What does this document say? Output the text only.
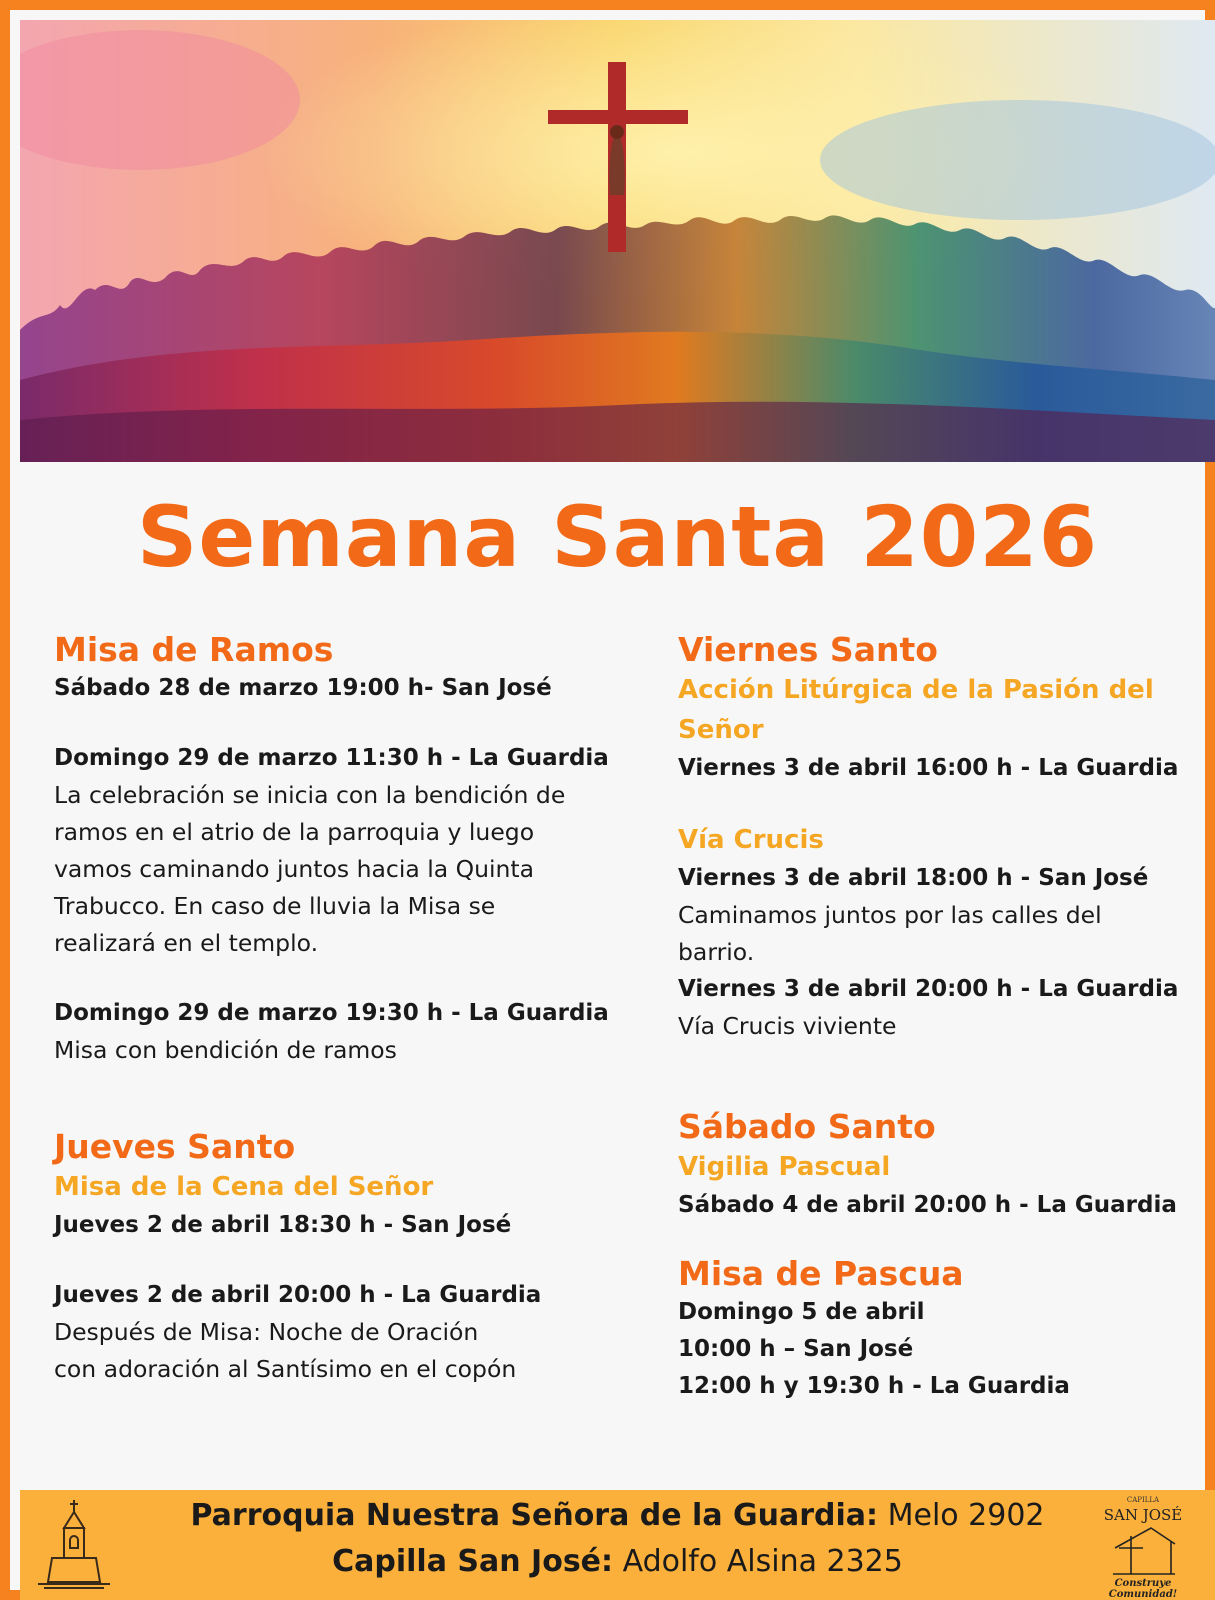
Semana Santa 2026
Misa de Ramos
Sábado 28 de marzo 19:00 h- San José
Domingo 29 de marzo 11:30 h - La Guardia
La celebración se inicia con la bendición de
ramos en el atrio de la parroquia y luego
vamos caminando juntos hacia la Quinta
Trabucco. En caso de lluvia la Misa se
realizará en el templo.
Domingo 29 de marzo 19:30 h - La Guardia
Misa con bendición de ramos
Jueves Santo
Misa de la Cena del Señor
Jueves 2 de abril 18:30 h - San José
Jueves 2 de abril 20:00 h - La Guardia
Después de Misa: Noche de Oración
con adoración al Santísimo en el copón
Viernes Santo
Acción Litúrgica de la Pasión del
Señor
Viernes 3 de abril 16:00 h - La Guardia
Vía Crucis
Viernes 3 de abril 18:00 h - San José
Caminamos juntos por las calles del
barrio.
Viernes 3 de abril 20:00 h - La Guardia
Vía Crucis viviente
Sábado Santo
Vigilia Pascual
Sábado 4 de abril 20:00 h - La Guardia
Misa de Pascua
Domingo 5 de abril
10:00 h – San José
12:00 h y 19:30 h - La Guardia
Parroquia Nuestra Señora de la Guardia: Melo 2902
Capilla San José: Adolfo Alsina 2325
CAPILLA
SAN JOSÉ
Construye Comunidad!
